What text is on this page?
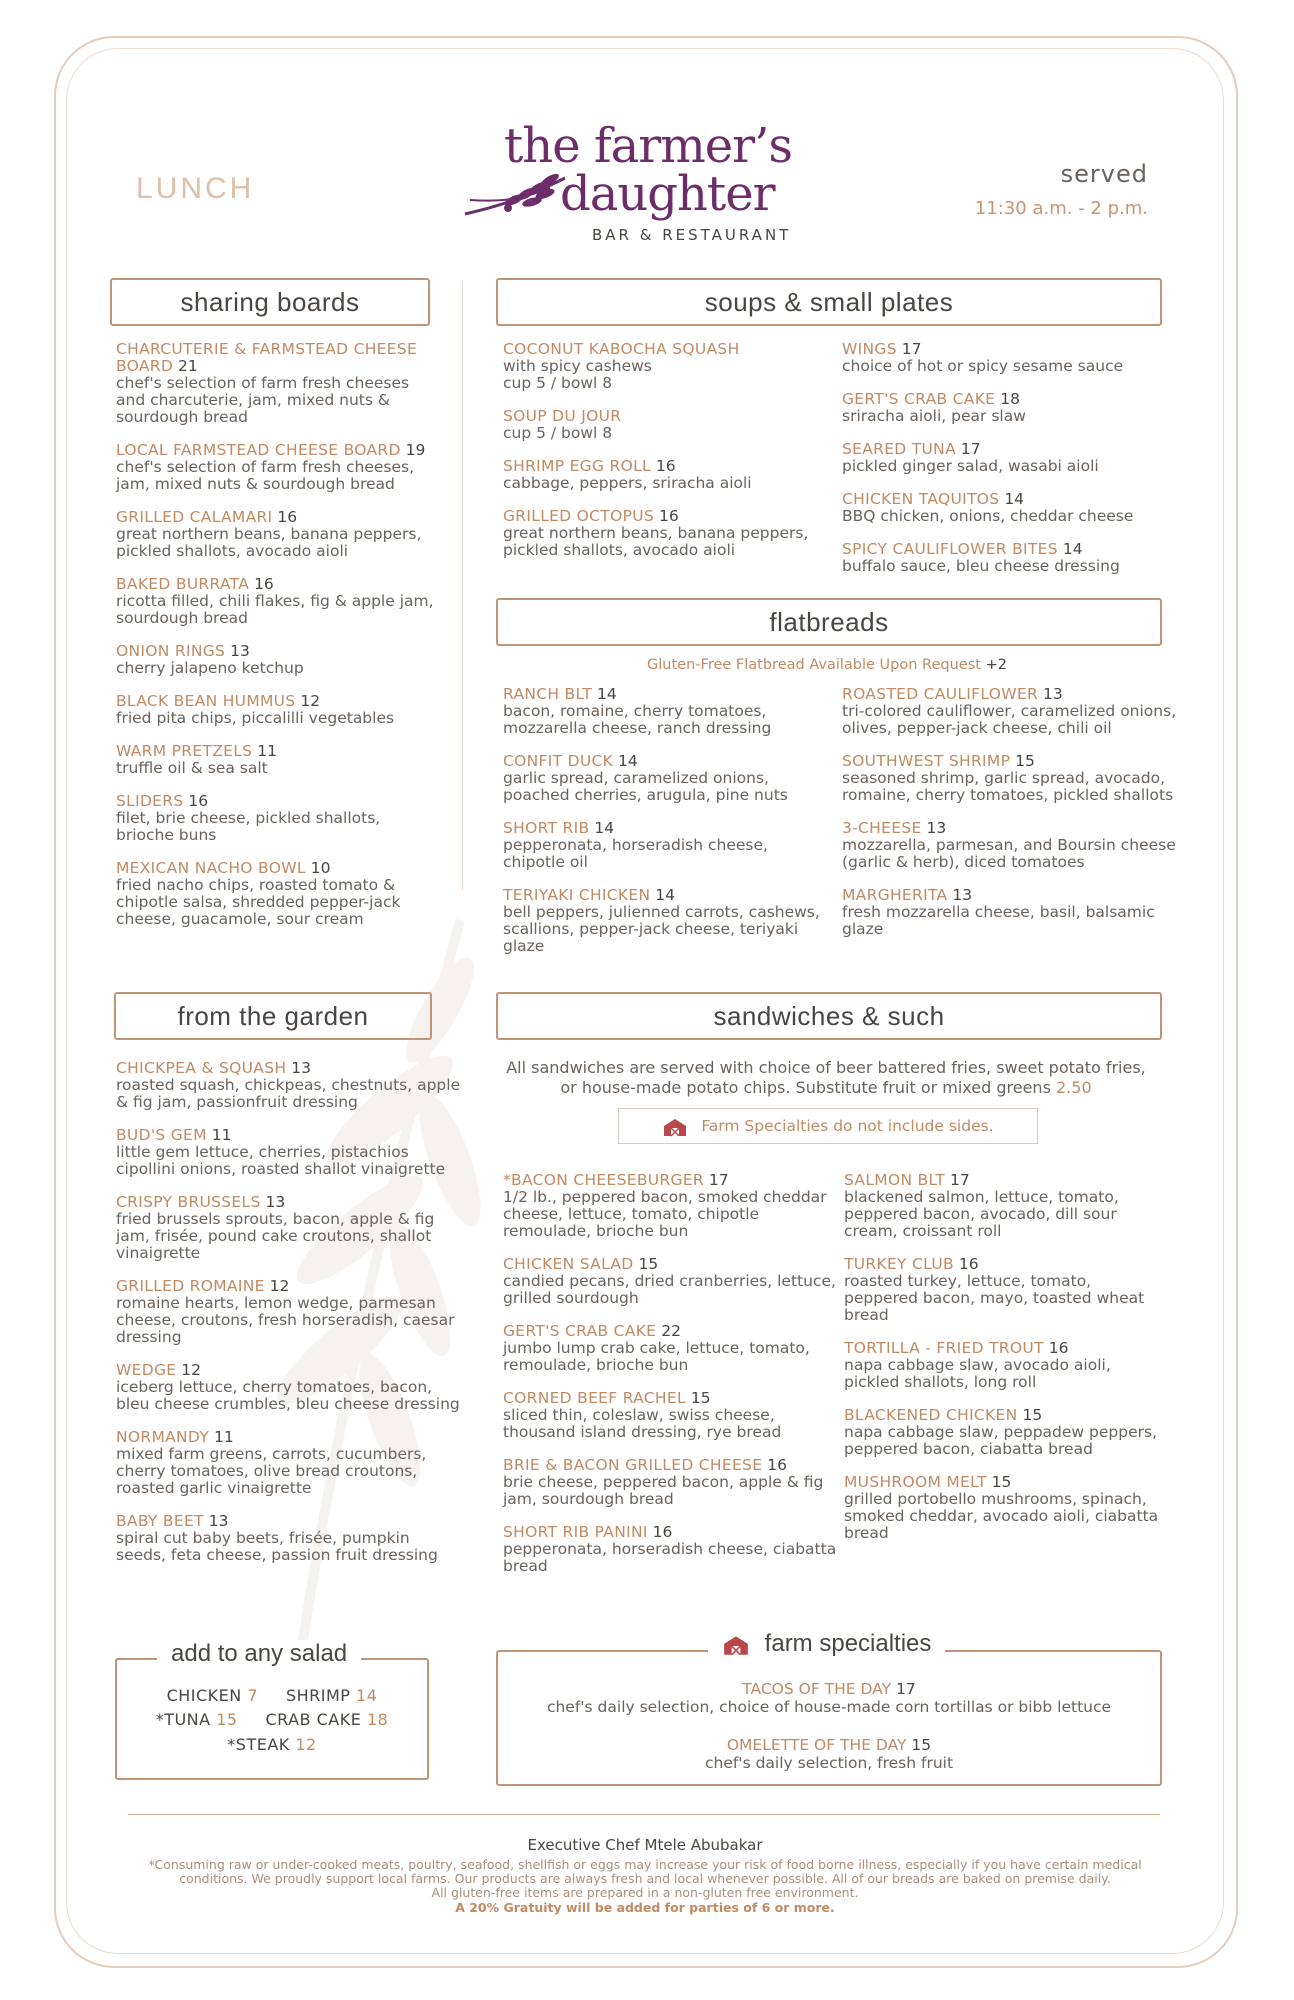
LUNCH
the farmer’s
daughter
BAR & RESTAURANT
served
11:30 a.m. - 2 p.m.
sharing boards	soups & small plates
flatbreads
from the garden	sandwiches & such
CHARCUTERIE & FARMSTEAD CHEESE BOARD 21
chef's selection of farm fresh cheeses and charcuterie, jam, mixed nuts & sourdough bread
LOCAL FARMSTEAD CHEESE BOARD 19
chef's selection of farm fresh cheeses, jam, mixed nuts & sourdough bread
GRILLED CALAMARI 16
great northern beans, banana peppers, pickled shallots, avocado aioli
BAKED BURRATA 16
ricotta filled, chili flakes, fig & apple jam, sourdough bread
ONION RINGS 13
cherry jalapeno ketchup
BLACK BEAN HUMMUS 12
fried pita chips, piccalilli vegetables
WARM PRETZELS 11
truffle oil & sea salt
SLIDERS 16
filet, brie cheese, pickled shallots, brioche buns
MEXICAN NACHO BOWL 10
fried nacho chips, roasted tomato & chipotle salsa, shredded pepper-jack cheese, guacamole, sour cream
COCONUT KABOCHA SQUASH
with spicy cashews
cup 5 / bowl 8
SOUP DU JOUR
cup 5 / bowl 8
SHRIMP EGG ROLL 16
cabbage, peppers, sriracha aioli
GRILLED OCTOPUS 16
great northern beans, banana peppers, pickled shallots, avocado aioli
WINGS 17
choice of hot or spicy sesame sauce
GERT'S CRAB CAKE 18
sriracha aioli, pear slaw
SEARED TUNA 17
pickled ginger salad, wasabi aioli
CHICKEN TAQUITOS 14
BBQ chicken, onions, cheddar cheese
SPICY CAULIFLOWER BITES 14
buffalo sauce, bleu cheese dressing
Gluten-Free Flatbread Available Upon Request +2
RANCH BLT 14
bacon, romaine, cherry tomatoes, mozzarella cheese, ranch dressing
CONFIT DUCK 14
garlic spread, caramelized onions, poached cherries, arugula, pine nuts
SHORT RIB 14
pepperonata, horseradish cheese, chipotle oil
TERIYAKI CHICKEN 14
bell peppers, julienned carrots, cashews, scallions, pepper-jack cheese, teriyaki glaze
ROASTED CAULIFLOWER 13
tri-colored cauliflower, caramelized onions, olives, pepper-jack cheese, chili oil
SOUTHWEST SHRIMP 15
seasoned shrimp, garlic spread, avocado, romaine, cherry tomatoes, pickled shallots
3-CHEESE 13
mozzarella, parmesan, and Boursin cheese (garlic & herb), diced tomatoes
MARGHERITA 13
fresh mozzarella cheese, basil, balsamic glaze
CHICKPEA & SQUASH 13
roasted squash, chickpeas, chestnuts, apple & fig jam, passionfruit dressing
BUD'S GEM 11
little gem lettuce, cherries, pistachios cipollini onions, roasted shallot vinaigrette
CRISPY BRUSSELS 13
fried brussels sprouts, bacon, apple & fig jam, frisée, pound cake croutons, shallot vinaigrette
GRILLED ROMAINE 12
romaine hearts, lemon wedge, parmesan cheese, croutons, fresh horseradish, caesar dressing
WEDGE 12
iceberg lettuce, cherry tomatoes, bacon, bleu cheese crumbles, bleu cheese dressing
NORMANDY 11
mixed farm greens, carrots, cucumbers, cherry tomatoes, olive bread croutons, roasted garlic vinaigrette
BABY BEET 13
spiral cut baby beets, frisée, pumpkin seeds, feta cheese, passion fruit dressing
All sandwiches are served with choice of beer battered fries, sweet potato fries, or house-made potato chips. Substitute fruit or mixed greens 2.50
Farm Specialties do not include sides.
*BACON CHEESEBURGER 17
1/2 lb., peppered bacon, smoked cheddar cheese, lettuce, tomato, chipotle remoulade, brioche bun
CHICKEN SALAD 15
candied pecans, dried cranberries, lettuce, grilled sourdough
GERT'S CRAB CAKE 22
jumbo lump crab cake, lettuce, tomato, remoulade, brioche bun
CORNED BEEF RACHEL 15
sliced thin, coleslaw, swiss cheese, thousand island dressing, rye bread
BRIE & BACON GRILLED CHEESE 16
brie cheese, peppered bacon, apple & fig jam, sourdough bread
SHORT RIB PANINI 16
pepperonata, horseradish cheese, ciabatta bread
SALMON BLT 17
blackened salmon, lettuce, tomato, peppered bacon, avocado, dill sour cream, croissant roll
TURKEY CLUB 16
roasted turkey, lettuce, tomato, peppered bacon, mayo, toasted wheat bread
TORTILLA - FRIED TROUT 16
napa cabbage slaw, avocado aioli, pickled shallots, long roll
BLACKENED CHICKEN 15
napa cabbage slaw, peppadew peppers, peppered bacon, ciabatta bread
MUSHROOM MELT 15
grilled portobello mushrooms, spinach, smoked cheddar, avocado aioli, ciabatta bread
add to any salad
CHICKEN 7 SHRIMP 14
*TUNA 15 CRAB CAKE 18
*STEAK 12
farm specialties
TACOS OF THE DAY 17
chef's daily selection, choice of house-made corn tortillas or bibb lettuce
OMELETTE OF THE DAY 15
chef's daily selection, fresh fruit
Executive Chef Mtele Abubakar
*Consuming raw or under-cooked meats, poultry, seafood, shellfish or eggs may increase your risk of food borne illness, especially if you have certain medical
conditions. We proudly support local farms. Our products are always fresh and local whenever possible. All of our breads are baked on premise daily.
All gluten-free items are prepared in a non-gluten free environment.
A 20% Gratuity will be added for parties of 6 or more.
